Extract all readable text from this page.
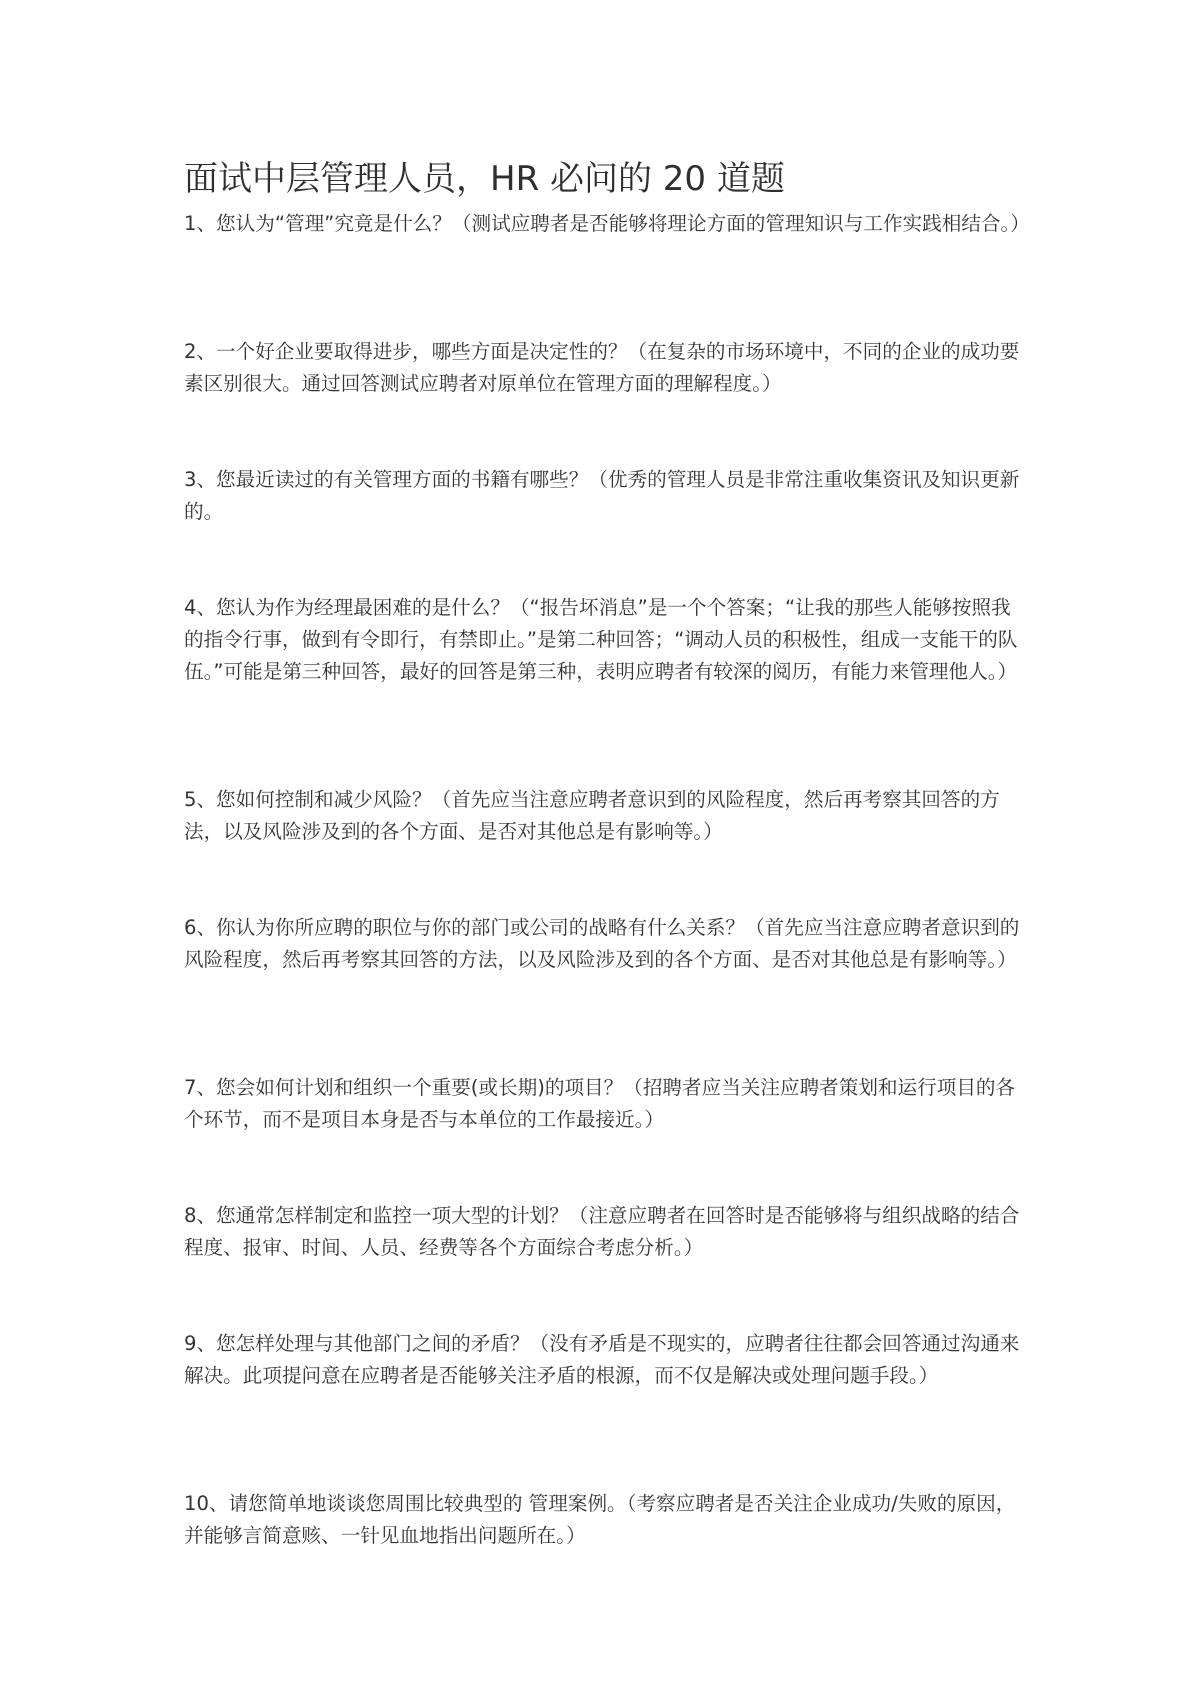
面试中层管理人员，HR 必问的 20 道题

1、您认为“管理”究竟是什么？（测试应聘者是否能够将理论方面的管理知识与工作实践相结合。）

2、一个好企业要取得进步，哪些方面是决定性的？（在复杂的市场环境中，不同的企业的成功要素区别很大。通过回答测试应聘者对原单位在管理方面的理解程度。）

3、您最近读过的有关管理方面的书籍有哪些？（优秀的管理人员是非常注重收集资讯及知识更新的。

4、您认为作为经理最困难的是什么？（“报告坏消息”是一个个答案；“让我的那些人能够按照我的指令行事，做到有令即行，有禁即止。”是第二种回答；“调动人员的积极性，组成一支能干的队伍。”可能是第三种回答，最好的回答是第三种，表明应聘者有较深的阅历，有能力来管理他人。）

5、您如何控制和减少风险？（首先应当注意应聘者意识到的风险程度，然后再考察其回答的方法，以及风险涉及到的各个方面、是否对其他总是有影响等。）

6、你认为你所应聘的职位与你的部门或公司的战略有什么关系？（首先应当注意应聘者意识到的风险程度，然后再考察其回答的方法，以及风险涉及到的各个方面、是否对其他总是有影响等。）

7、您会如何计划和组织一个重要(或长期)的项目？（招聘者应当关注应聘者策划和运行项目的各个环节，而不是项目本身是否与本单位的工作最接近。）

8、您通常怎样制定和监控一项大型的计划？（注意应聘者在回答时是否能够将与组织战略的结合程度、报审、时间、人员、经费等各个方面综合考虑分析。）

9、您怎样处理与其他部门之间的矛盾？（没有矛盾是不现实的，应聘者往往都会回答通过沟通来解决。此项提问意在应聘者是否能够关注矛盾的根源，而不仅是解决或处理问题手段。）

10、请您简单地谈谈您周围比较典型的 管理案例。（考察应聘者是否关注企业成功/失败的原因，并能够言简意赅、一针见血地指出问题所在。）
